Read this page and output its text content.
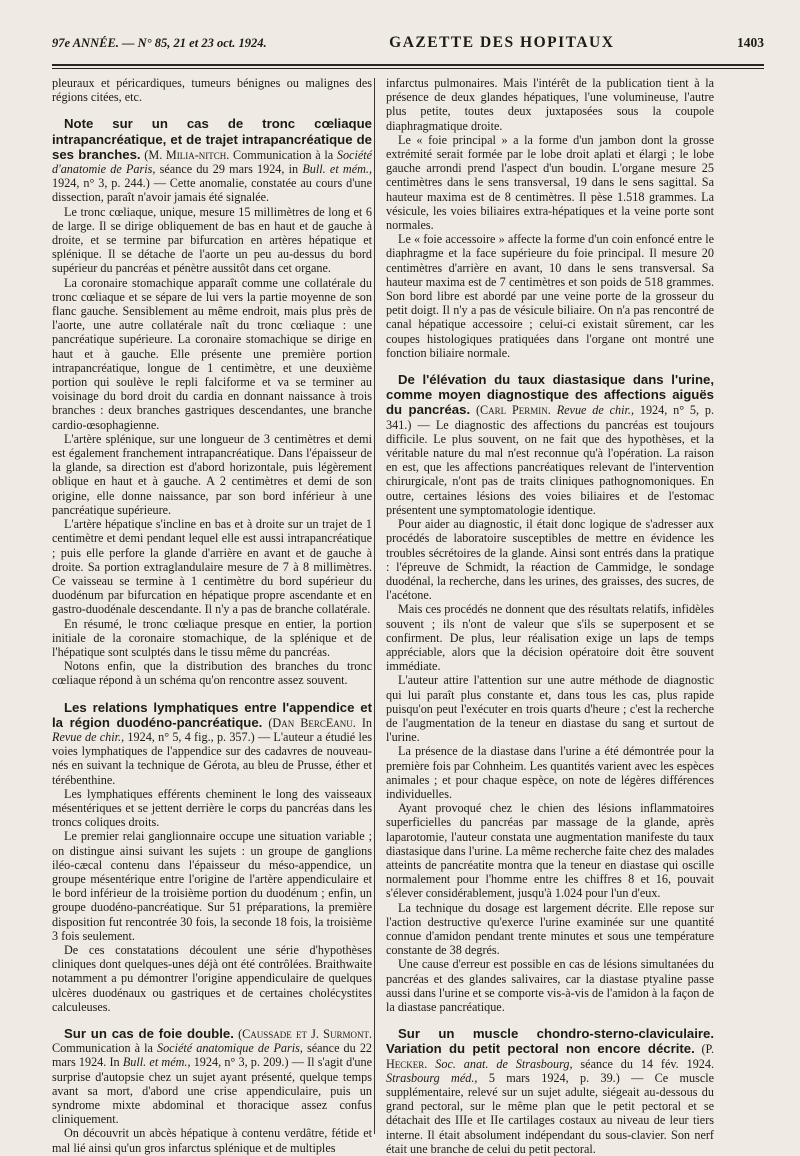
97e ANNÉE. — N° 85, 21 et 23 oct. 1924.	GAZETTE DES HOPITAUX	1403

pleuraux et péricardiques, tumeurs bénignes ou malignes des régions citées, etc.

Note sur un cas de tronc cœliaque intrapancréatique, et de trajet intrapancréatique de ses branches. (M. Milia-nitch. Communication à la Société d'anatomie de Paris, séance du 29 mars 1924, in Bull. et mém., 1924, n° 3, p. 244.) — Cette anomalie, constatée au cours d'une dissection, paraît n'avoir jamais été signalée.

Le tronc cœliaque, unique, mesure 15 millimètres de long et 6 de large. Il se dirige obliquement de bas en haut et de gauche à droite, et se termine par bifurcation en artères hépatique et splénique. Il se détache de l'aorte un peu au-dessus du bord supérieur du pancréas et pénètre aussitôt dans cet organe.

La coronaire stomachique apparaît comme une collatérale du tronc cœliaque et se sépare de lui vers la partie moyenne de son flanc gauche. Sensiblement au même endroit, mais plus près de l'aorte, une autre collatérale naît du tronc cœliaque : une pancréatique supérieure. La coronaire stomachique se dirige en haut et à gauche. Elle présente une première portion intrapancréatique, longue de 1 centimètre, et une deuxième portion qui soulève le repli falciforme et va se terminer au voisinage du bord droit du cardia en donnant naissance à trois branches : deux branches gastriques descendantes, une branche cardio-œsophagienne.

L'artère splénique, sur une longueur de 3 centimètres et demi est également franchement intrapancréatique. Dans l'épaisseur de la glande, sa direction est d'abord horizontale, puis légèrement oblique en haut et à gauche. A 2 centimètres et demi de son origine, elle donne naissance, par son bord inférieur à une pancréatique supérieure.

L'artère hépatique s'incline en bas et à droite sur un trajet de 1 centimètre et demi pendant lequel elle est aussi intrapancréatique ; puis elle perfore la glande d'arrière en avant et de gauche à droite. Sa portion extraglandulaire mesure de 7 à 8 millimètres. Ce vaisseau se termine à 1 centimètre du bord supérieur du duodénum par bifurcation en hépatique propre ascendante et en gastro-duodénale descendante. Il n'y a pas de branche collatérale.

En résumé, le tronc cœliaque presque en entier, la portion initiale de la coronaire stomachique, de la splénique et de l'hépatique sont sculptés dans le tissu même du pancréas.

Notons enfin, que la distribution des branches du tronc cœliaque répond à un schéma qu'on rencontre assez souvent.

Les relations lymphatiques entre l'appendice et la région duodéno-pancréatique. (Dan BercEanu. In Revue de chir., 1924, n° 5, 4 fig., p. 357.) — L'auteur a étudié les voies lymphatiques de l'appendice sur des cadavres de nouveau-nés en suivant la technique de Gérota, au bleu de Prusse, éther et térébenthine.

Les lymphatiques efférents cheminent le long des vaisseaux mésentériques et se jettent derrière le corps du pancréas dans les troncs coliques droits.

Le premier relai ganglionnaire occupe une situation variable ; on distingue ainsi suivant les sujets : un groupe de ganglions iléo-cæcal contenu dans l'épaisseur du méso-appendice, un groupe mésentérique entre l'origine de l'artère appendiculaire et le bord inférieur de la troisième portion du duodénum ; enfin, un groupe duodéno-pancréatique. Sur 51 préparations, la première disposition fut rencontrée 30 fois, la seconde 18 fois, la troisième 3 fois seulement.

De ces constatations découlent une série d'hypothèses cliniques dont quelques-unes déjà ont été contrôlées. Braithwaite notamment a pu démontrer l'origine appendiculaire de quelques ulcères duodénaux ou gastriques et de certaines cholécystites calculeuses.

Sur un cas de foie double. (Caussade et J. Surmont. Communication à la Société anatomique de Paris, séance du 22 mars 1924. In Bull. et mém., 1924, n° 3, p. 209.) — Il s'agit d'une surprise d'autopsie chez un sujet ayant présenté, quelque temps avant sa mort, d'abord une crise appendiculaire, puis un syndrome mixte abdominal et thoracique assez confus cliniquement.

On découvrit un abcès hépatique à contenu verdâtre, fétide et mal lié ainsi qu'un gros infarctus splénique et de multiples

infarctus pulmonaires. Mais l'intérêt de la publication tient à la présence de deux glandes hépatiques, l'une volumineuse, l'autre plus petite, toutes deux juxtaposées sous la coupole diaphragmatique droite.

Le « foie principal » a la forme d'un jambon dont la grosse extrémité serait formée par le lobe droit aplati et élargi ; le lobe gauche arrondi prend l'aspect d'un boudin. L'organe mesure 25 centimètres dans le sens transversal, 19 dans le sens sagittal. Sa hauteur maxima est de 8 centimètres. Il pèse 1.518 grammes. La vésicule, les voies biliaires extra-hépatiques et la veine porte sont normales.

Le « foie accessoire » affecte la forme d'un coin enfoncé entre le diaphragme et la face supérieure du foie principal. Il mesure 20 centimètres d'arrière en avant, 10 dans le sens transversal. Sa hauteur maxima est de 7 centimètres et son poids de 518 grammes. Son bord libre est abordé par une veine porte de la grosseur du petit doigt. Il n'y a pas de vésicule biliaire. On n'a pas rencontré de canal hépatique accessoire ; celui-ci existait sûrement, car les coupes histologiques pratiquées dans l'organe ont montré une fonction biliaire normale.

De l'élévation du taux diastasique dans l'urine, comme moyen diagnostique des affections aiguës du pancréas. (Carl Permin. Revue de chir., 1924, n° 5, p. 341.) — Le diagnostic des affections du pancréas est toujours difficile. Le plus souvent, on ne fait que des hypothèses, et la véritable nature du mal n'est reconnue qu'à l'opération. La raison en est, que les affections pancréatiques relevant de l'intervention chirurgicale, n'ont pas de traits cliniques pathognomoniques. En outre, certaines lésions des voies biliaires et de l'estomac présentent une symptomatologie identique.

Pour aider au diagnostic, il était donc logique de s'adresser aux procédés de laboratoire susceptibles de mettre en évidence les troubles sécrétoires de la glande. Ainsi sont entrés dans la pratique : l'épreuve de Schmidt, la réaction de Cammidge, le sondage duodénal, la recherche, dans les urines, des graisses, des sucres, de l'acétone.

Mais ces procédés ne donnent que des résultats relatifs, infidèles souvent ; ils n'ont de valeur que s'ils se superposent et se confirment. De plus, leur réalisation exige un laps de temps appréciable, alors que la décision opératoire doit être souvent immédiate.

L'auteur attire l'attention sur une autre méthode de diagnostic qui lui paraît plus constante et, dans tous les cas, plus rapide puisqu'on peut l'exécuter en trois quarts d'heure ; c'est la recherche de l'augmentation de la teneur en diastase du sang et surtout de l'urine.

La présence de la diastase dans l'urine a été démontrée pour la première fois par Cohnheim. Les quantités varient avec les espèces animales ; et pour chaque espèce, on note de légères différences individuelles.

Ayant provoqué chez le chien des lésions inflammatoires superficielles du pancréas par massage de la glande, après laparotomie, l'auteur constata une augmentation manifeste du taux diastasique dans l'urine. La même recherche faite chez des malades atteints de pancréatite montra que la teneur en diastase qui oscille normalement pour l'homme entre les chiffres 8 et 16, pouvait s'élever considérablement, jusqu'à 1.024 pour l'un d'eux.

La technique du dosage est largement décrite. Elle repose sur l'action destructive qu'exerce l'urine examinée sur une quantité connue d'amidon pendant trente minutes et sous une température constante de 38 degrés.

Une cause d'erreur est possible en cas de lésions simultanées du pancréas et des glandes salivaires, car la diastase ptyaline passe aussi dans l'urine et se comporte vis-à-vis de l'amidon à la façon de la diastase pancréatique.

Sur un muscle chondro-sterno-claviculaire. Variation du petit pectoral non encore décrite. (P. Hecker. Soc. anat. de Strasbourg, séance du 14 fév. 1924. Strasbourg méd., 5 mars 1924, p. 39.) — Ce muscle supplémentaire, relevé sur un sujet adulte, siégeait au-dessous du grand pectoral, sur le même plan que le petit pectoral et se détachait des IIIe et IIe cartilages costaux au niveau de leur tiers interne. Il était absolument indépendant du sous-clavier. Son nerf était une branche de celui du petit pectoral.
